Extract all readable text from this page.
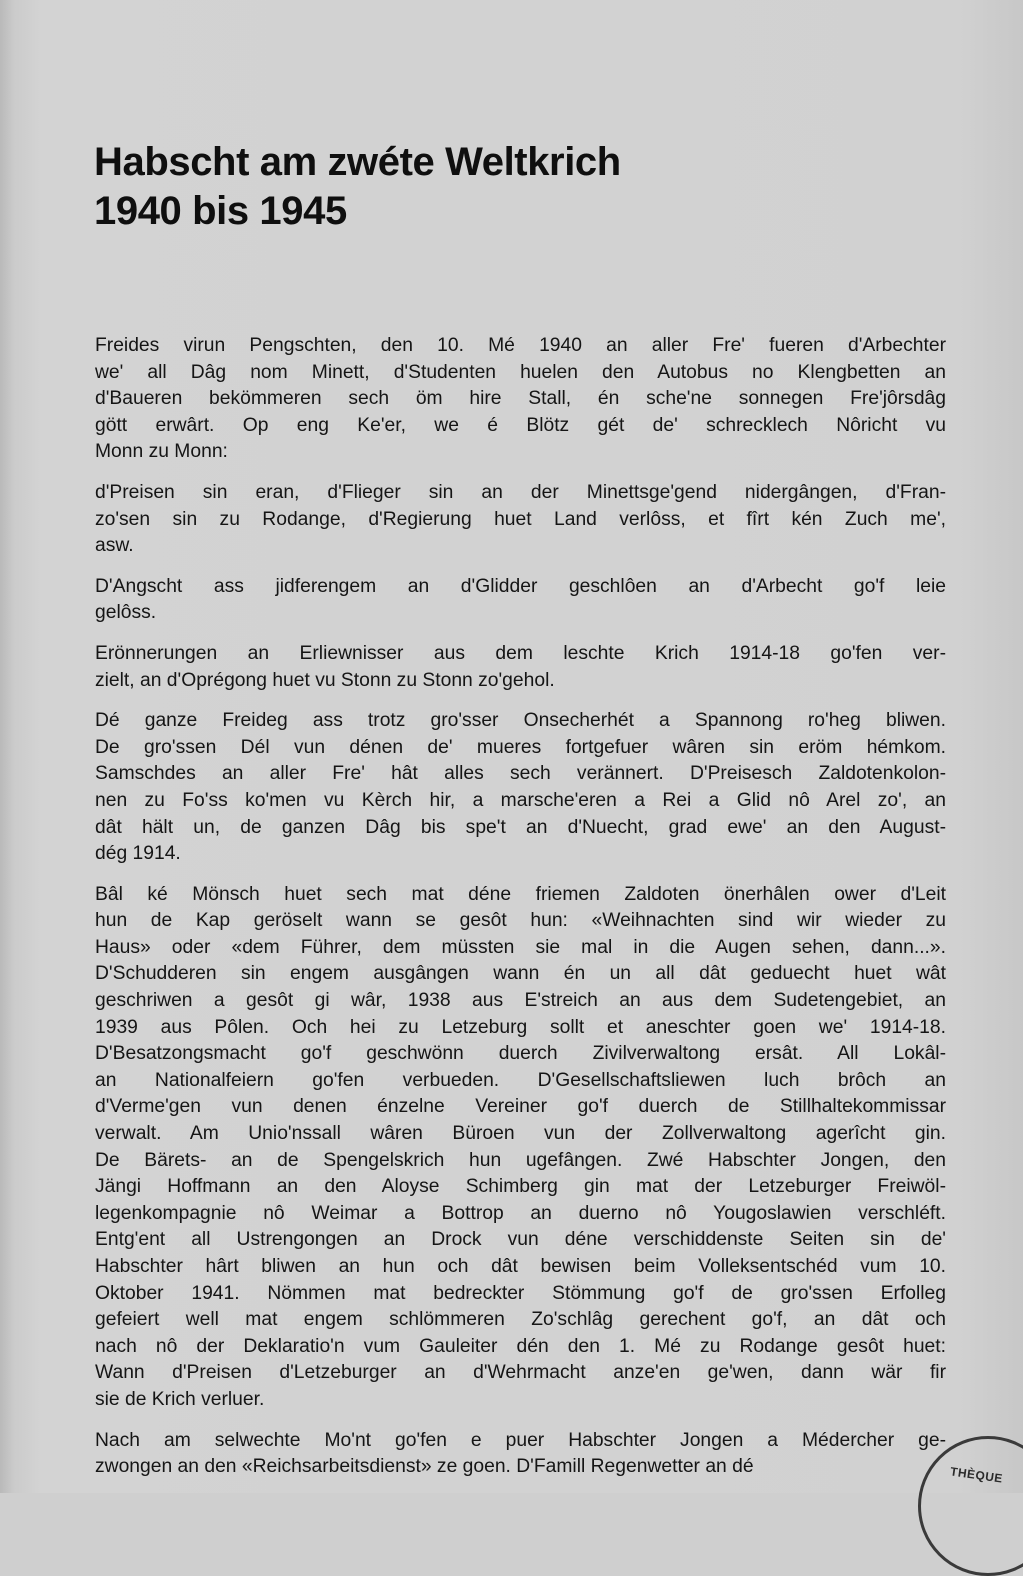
Habscht am zwéte Weltkrich
1940 bis 1945

Freides virun Pengschten, den 10. Mé 1940 an aller Fre' fueren d'Arbechter
we' all Dâg nom Minett, d'Studenten huelen den Autobus no Klengbetten an
d'Baueren bekömmeren sech öm hire Stall, én sche'ne sonnegen Fre'jôrsdâg
gött erwârt. Op eng Ke'er, we é Blötz gét de' schrecklech Nôricht vu
Monn zu Monn:

d'Preisen sin eran, d'Flieger sin an der Minettsge'gend nidergângen, d'Fran-
zo'sen sin zu Rodange, d'Regierung huet Land verlôss, et fîrt kén Zuch me',
asw.

D'Angscht ass jidferengem an d'Glidder geschlôen an d'Arbecht go'f leie
gelôss.

Erönnerungen an Erliewnisser aus dem leschte Krich 1914-18 go'fen ver-
zielt, an d'Oprégong huet vu Stonn zu Stonn zo'gehol.

Dé ganze Freideg ass trotz gro'sser Onsecherhét a Spannong ro'heg bliwen.
De gro'ssen Dél vun dénen de' mueres fortgefuer wâren sin eröm hémkom.
Samschdes an aller Fre' hât alles sech verännert. D'Preisesch Zaldotenkolon-
nen zu Fo'ss ko'men vu Kèrch hir, a marsche'eren a Rei a Glid nô Arel zo', an
dât hält un, de ganzen Dâg bis spe't an d'Nuecht, grad ewe' an den August-
dég 1914.

Bâl ké Mönsch huet sech mat déne friemen Zaldoten önerhâlen ower d'Leit
hun de Kap geröselt wann se gesôt hun: «Weihnachten sind wir wieder zu
Haus» oder «dem Führer, dem müssten sie mal in die Augen sehen, dann...».
D'Schudderen sin engem ausgângen wann én un all dât geduecht huet wât
geschriwen a gesôt gi wâr, 1938 aus E'streich an aus dem Sudetengebiet, an
1939 aus Pôlen. Och hei zu Letzeburg sollt et aneschter goen we' 1914-18.
D'Besatzongsmacht go'f geschwönn duerch Zivilverwaltong ersât. All Lokâl-
an Nationalfeiern go'fen verbueden. D'Gesellschaftsliewen luch brôch an
d'Verme'gen vun denen énzelne Vereiner go'f duerch de Stillhaltekommissar
verwalt. Am Unio'nssall wâren Büroen vun der Zollverwaltong agerîcht gin.
De Bärets- an de Spengelskrich hun ugefângen. Zwé Habschter Jongen, den
Jängi Hoffmann an den Aloyse Schimberg gin mat der Letzeburger Freiwöl-
legenkompagnie nô Weimar a Bottrop an duerno nô Yougoslawien verschléft.
Entg'ent all Ustrengongen an Drock vun déne verschiddenste Seiten sin de'
Habschter hârt bliwen an hun och dât bewisen beim Volleksentschéd vum 10.
Oktober 1941. Nömmen mat bedreckter Stömmung go'f de gro'ssen Erfolleg
gefeiert well mat engem schlömmeren Zo'schlâg gerechent go'f, an dât och
nach nô der Deklaratio'n vum Gauleiter dén den 1. Mé zu Rodange gesôt huet:
Wann d'Preisen d'Letzeburger an d'Wehrmacht anze'en ge'wen, dann wär fir
sie de Krich verluer.

Nach am selwechte Mo'nt go'fen e puer Habschter Jongen a Médercher ge-
zwongen an den «Reichsarbeitsdienst» ze goen. D'Famill Regenwetter an dé	THÈQUE
